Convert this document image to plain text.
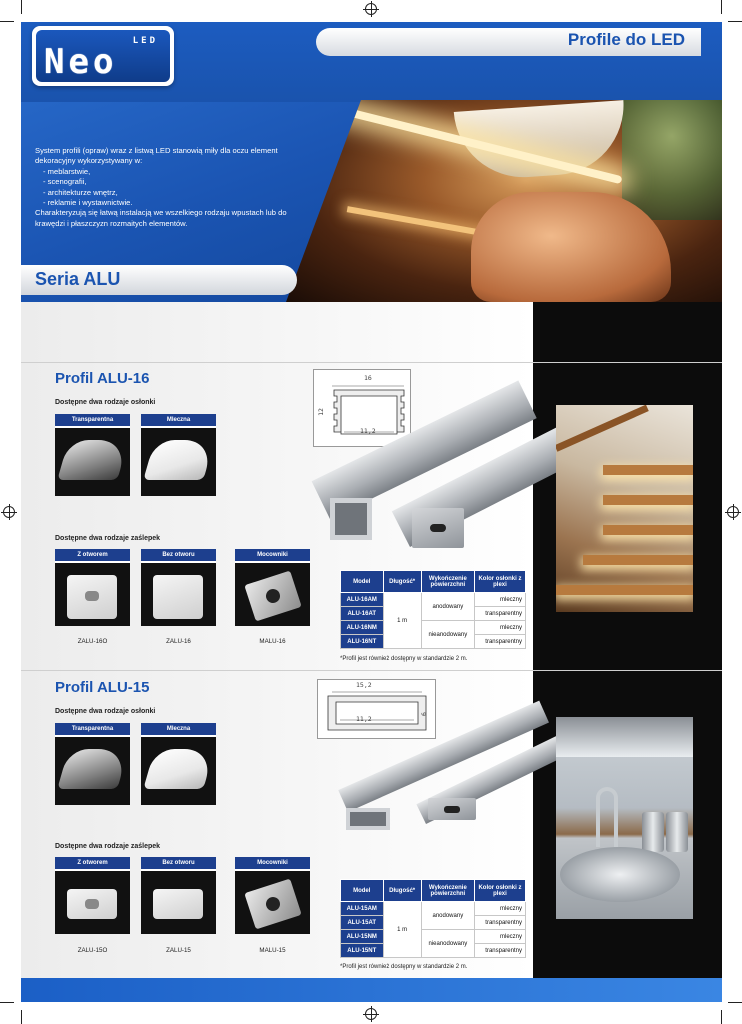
LED
Neo
Profile do LED
System profili (opraw) wraz z listwą LED stanowią miły dla oczu element dekoracyjny wykorzystywany w:
- meblarstwie,
- scenografii,
- architekturze wnętrz,
- reklamie i wystawnictwie.
Charakteryzują się łatwą instalacją we wszelkiego rodzaju wpustach lub do krawędzi i płaszczyzn rozmaitych elementów.
Seria ALU
Profil ALU-16
Dostępne dwa rodzaje osłonki
Transparentna	Mleczna
Dostępne dwa rodzaje zaślepek
Z otworem	Bez otworu	Mocowniki
ZALU-16O	ZALU-16	MALU-16
16
11,2
12
Model	Długość*	Wykończenie powierzchni	Kolor osłonki z plexi
ALU-16AM	1 m	anodowany	mleczny
ALU-16AT			transparentny
ALU-16NM		nieanodowany	mleczny
ALU-16NT			transparentny
*Profil jest również dostępny w standardzie 2 m.
Profil ALU-15
Dostępne dwa rodzaje osłonki
Transparentna	Mleczna
Dostępne dwa rodzaje zaślepek
Z otworem	Bez otworu	Mocowniki
ZALU-15O	ZALU-15	MALU-15
15,2
11,2
6
Model	Długość*	Wykończenie powierzchni	Kolor osłonki z plexi
ALU-15AM	1 m	anodowany	mleczny
ALU-15AT			transparentny
ALU-15NM		nieanodowany	mleczny
ALU-15NT			transparentny
*Profil jest również dostępny w standardzie 2 m.
